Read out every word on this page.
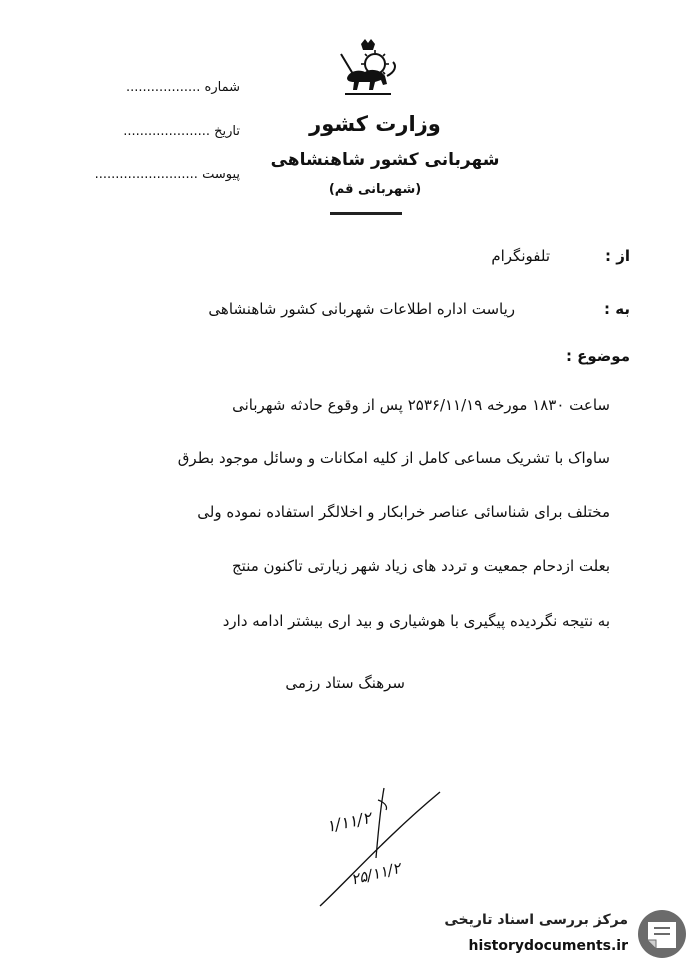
وزارت کشور
شهربانی کشور شاهنشاهی
(شهربانی قم)
شماره ..................
تاریخ .....................
پیوست .........................
از :
تلفونگرام
به :
ریاست اداره اطلاعات شهربانی کشور شاهنشاهی
موضوع :
ساعت ۱۸۳۰ مورخه ۲۵۳۶/۱۱/۱۹ پس از وقوع حادثه شهربانی
ساواک با تشریک مساعی کامل از کلیه امکانات و وسائل موجود بطرق
مختلف برای شناسائی عناصر خرابکار و اخلالگر استفاده نموده ولی
بعلت ازدحام جمعیت و تردد های زیاد شهر زیارتی تاکنون منتج
به نتیجه نگردیده پیگیری با هوشیاری و بید اری بیشتر ادامه دارد
سرهنگ ستاد رزمی
۱/۱۱/۲
۲۵/۱۱/۲
مرکز بررسی اسناد تاریخی
historydocuments.ir
